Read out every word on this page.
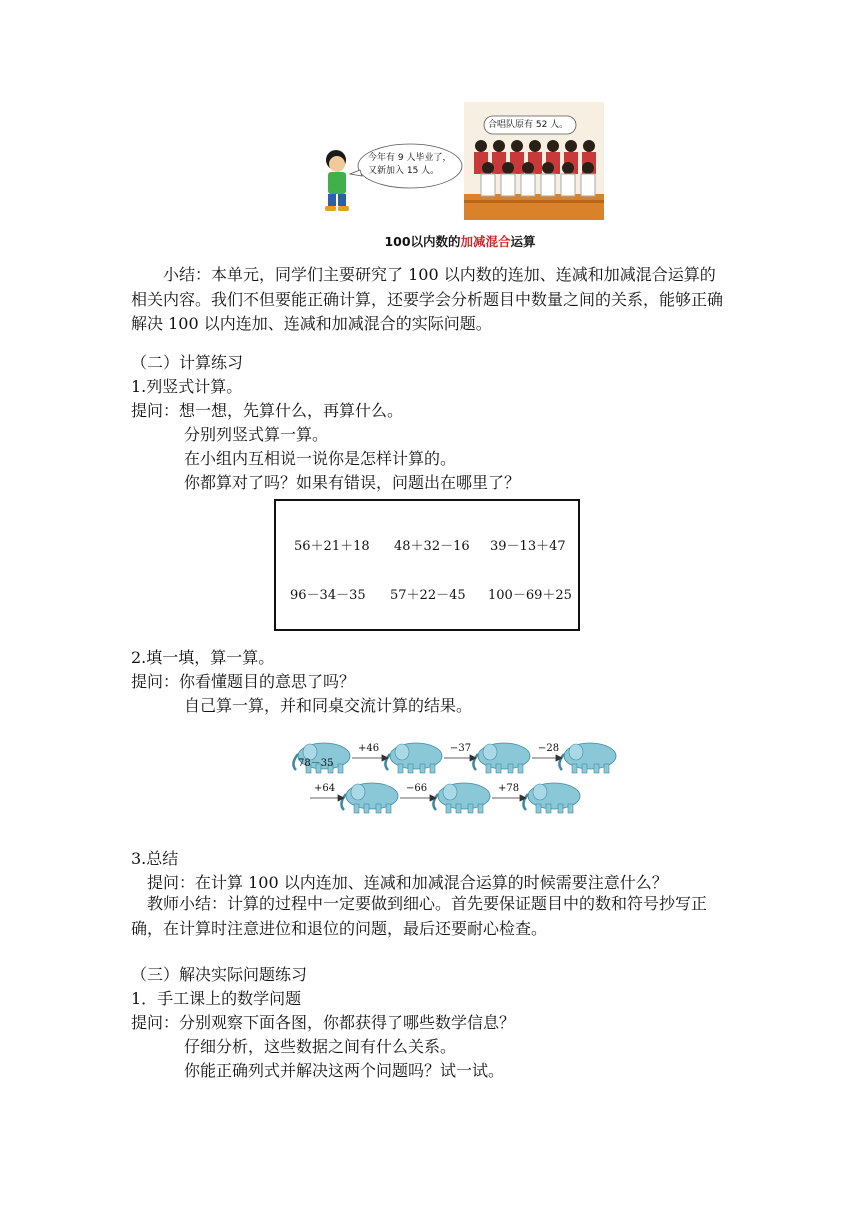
今年有 9 人毕业了，
又新加入 15 人。
合唱队原有 52 人。
100以内数的加减混合运算
小结：本单元，同学们主要研究了 100 以内数的连加、连减和加减混合运算的相关内容。我们不但要能正确计算，还要学会分析题目中数量之间的关系，能够正确解决 100 以内连加、连减和加减混合的实际问题。
（二）计算练习
1.列竖式计算。
提问：想一想，先算什么，再算什么。
分别列竖式算一算。
在小组内互相说一说你是怎样计算的。
你都算对了吗？如果有错误，问题出在哪里了？
56＋21＋18 48＋32－16 39－13＋47
96－34－35 57＋22－45 100－69＋25
2.填一填，算一算。
提问：你看懂题目的意思了吗？
自己算一算，并和同桌交流计算的结果。
78－35
+46	−37	−28
+64	−66	+78
3.总结
提问：在计算 100 以内连加、连减和加减混合运算的时候需要注意什么？
教师小结：计算的过程中一定要做到细心。首先要保证题目中的数和符号抄写正确，在计算时注意进位和退位的问题，最后还要耐心检查。
（三）解决实际问题练习
1．手工课上的数学问题
提问：分别观察下面各图，你都获得了哪些数学信息？
仔细分析，这些数据之间有什么关系。
你能正确列式并解决这两个问题吗？试一试。
